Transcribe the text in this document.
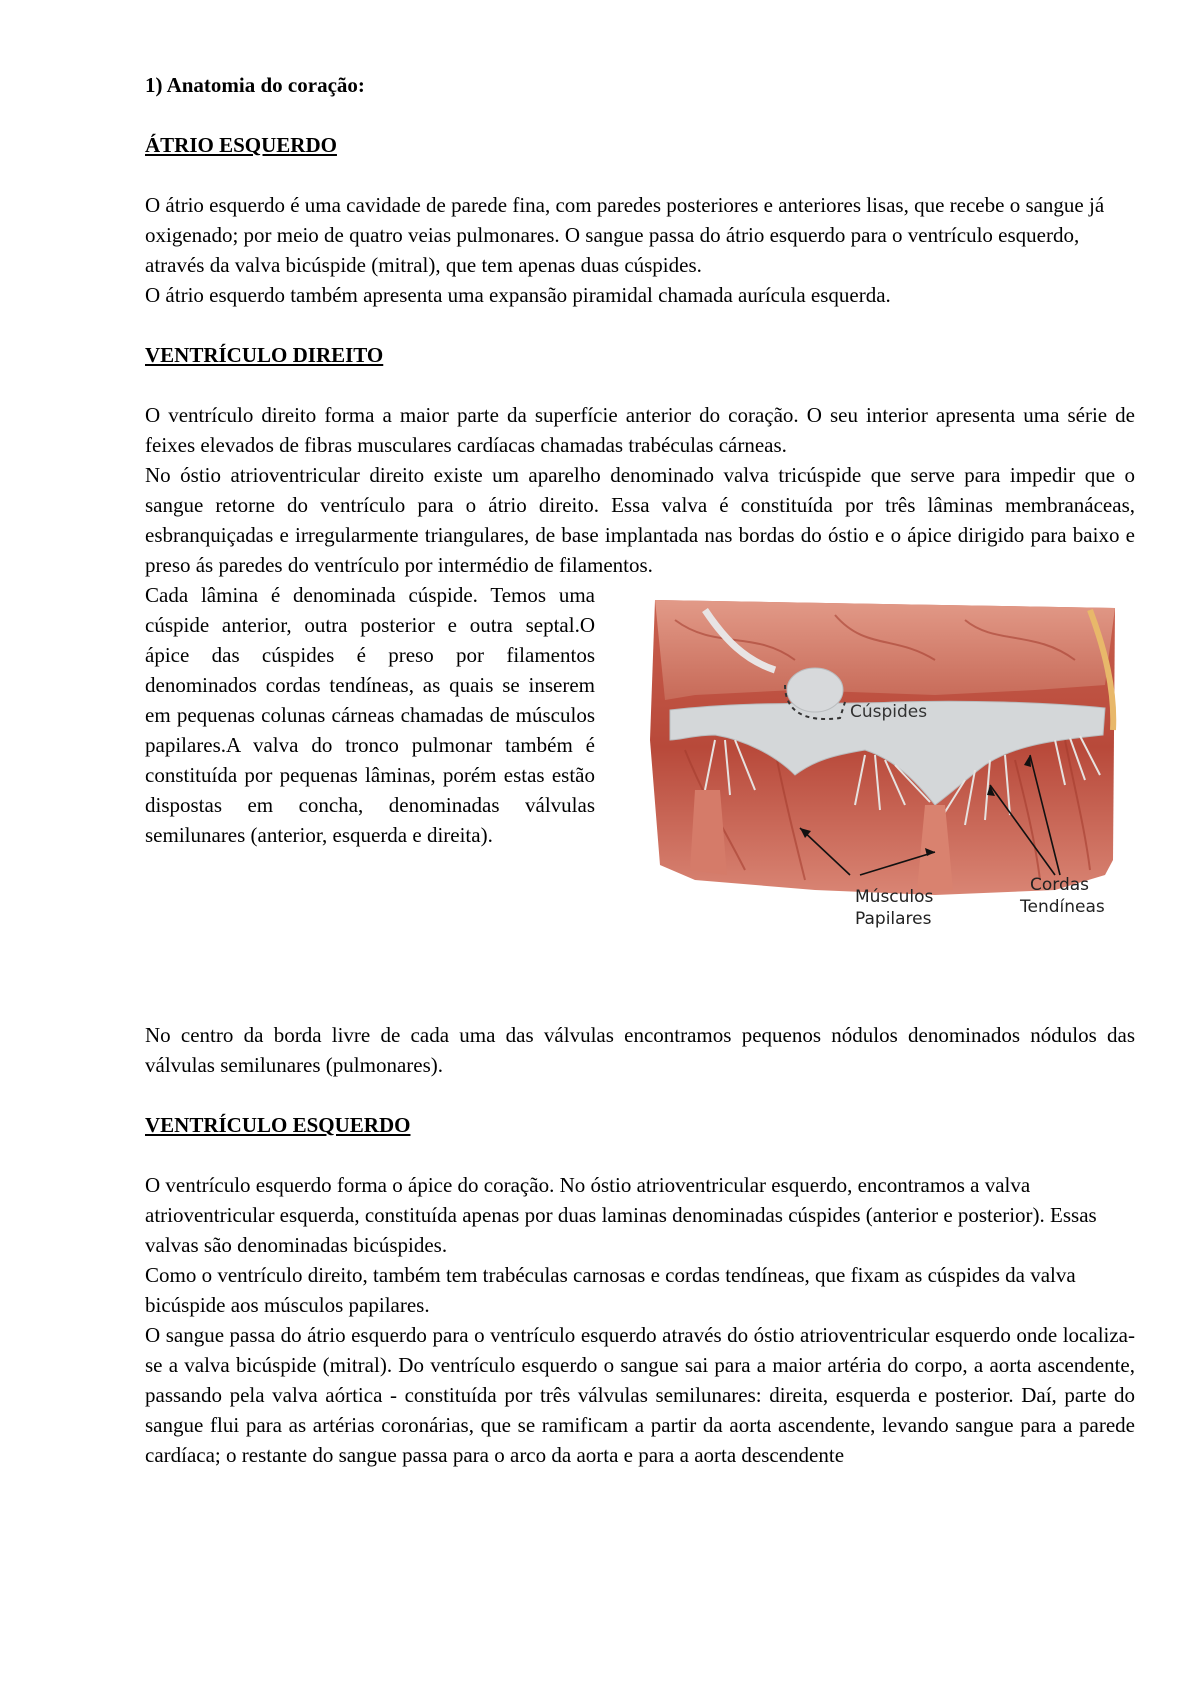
1) Anatomia do coração:
ÁTRIO ESQUERDO

O átrio esquerdo é uma cavidade de parede fina, com paredes posteriores e anteriores lisas, que recebe o sangue já oxigenado; por meio de quatro veias pulmonares. O sangue passa do átrio esquerdo para o ventrículo esquerdo, através da valva bicúspide (mitral), que tem apenas duas cúspides.

O átrio esquerdo também apresenta uma expansão piramidal chamada aurícula esquerda.

VENTRÍCULO DIREITO

O ventrículo direito forma a maior parte da superfície anterior do coração. O seu interior apresenta uma série de feixes elevados de fibras musculares cardíacas chamadas trabéculas cárneas.

No óstio atrioventricular direito existe um aparelho denominado valva tricúspide que serve para impedir que o sangue retorne do ventrículo para o átrio direito. Essa valva é constituída por três lâminas membranáceas, esbranquiçadas e irregularmente triangulares, de base implantada nas bordas do óstio e o ápice dirigido para baixo e preso ás paredes do ventrículo por intermédio de filamentos.

Cada lâmina é denominada cúspide. Temos uma cúspide anterior, outra posterior e outra septal.O ápice das cúspides é preso por filamentos denominados cordas tendíneas, as quais se inserem em pequenas colunas cárneas chamadas de músculos papilares.A valva do tronco pulmonar também é constituída por pequenas lâminas, porém estas estão dispostas em concha, denominadas válvulas semilunares (anterior, esquerda e direita).

Cúspides
Músculos
Papilares
Cordas
Tendíneas

No centro da borda livre de cada uma das válvulas encontramos pequenos nódulos denominados nódulos das válvulas semilunares (pulmonares).

VENTRÍCULO ESQUERDO

O ventrículo esquerdo forma o ápice do coração. No óstio atrioventricular esquerdo, encontramos a valva atrioventricular esquerda, constituída apenas por duas laminas denominadas cúspides (anterior e posterior). Essas valvas são denominadas bicúspides.

Como o ventrículo direito, também tem trabéculas carnosas e cordas tendíneas, que fixam as cúspides da valva bicúspide aos músculos papilares.

O sangue passa do átrio esquerdo para o ventrículo esquerdo através do óstio atrioventricular esquerdo onde localiza-se a valva bicúspide (mitral). Do ventrículo esquerdo o sangue sai para a maior artéria do corpo, a aorta ascendente, passando pela valva aórtica - constituída por três válvulas semilunares: direita, esquerda e posterior. Daí, parte do sangue flui para as artérias coronárias, que se ramificam a partir da aorta ascendente, levando sangue para a parede cardíaca; o restante do sangue passa para o arco da aorta e para a aorta descendente
